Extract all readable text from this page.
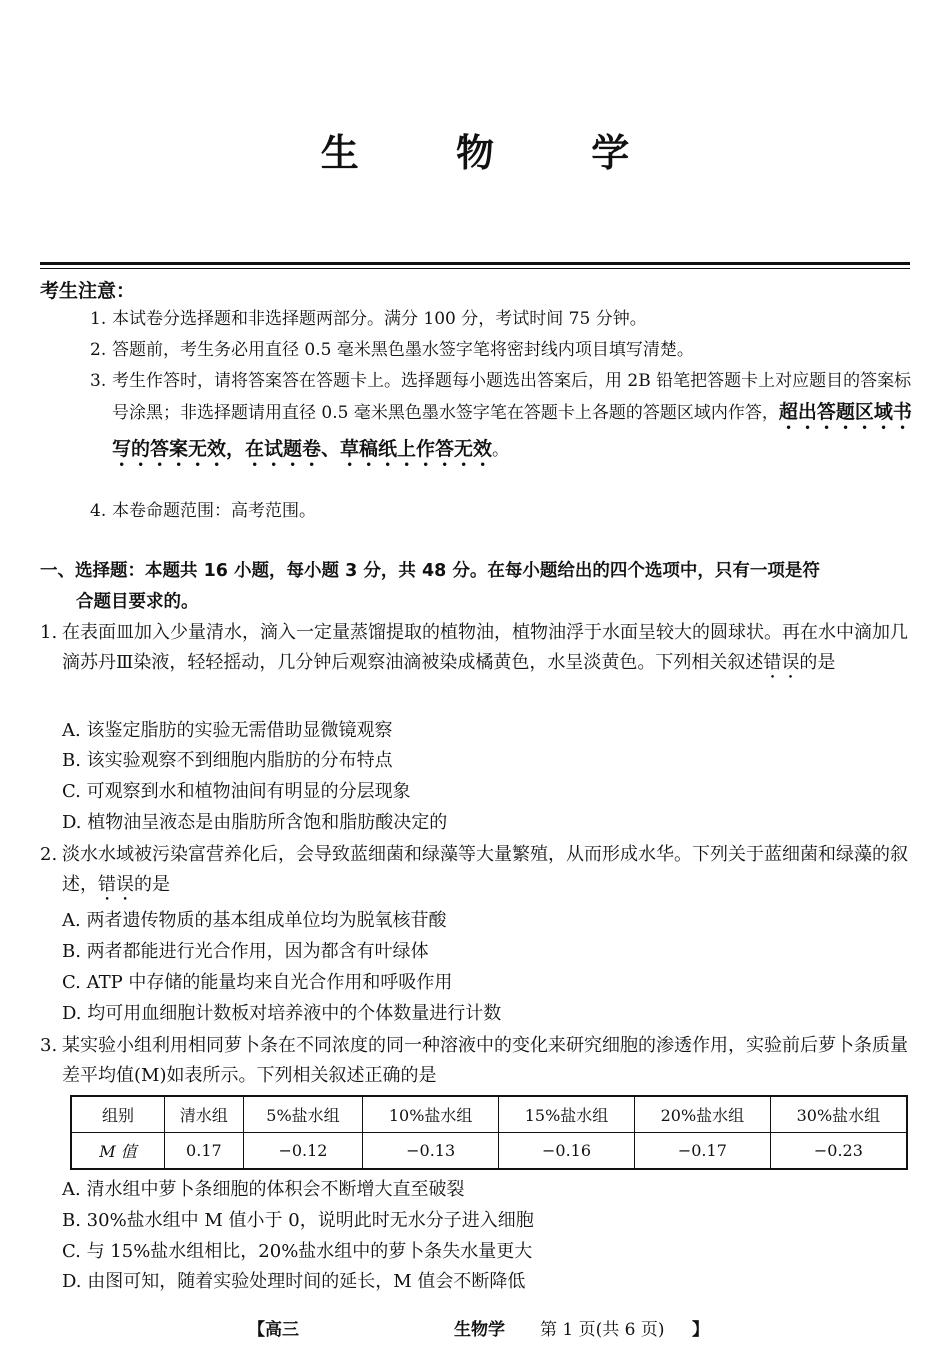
生 物 学
考生注意：
1. 本试卷分选择题和非选择题两部分。满分 100 分，考试时间 75 分钟。
2. 答题前，考生务必用直径 0.5 毫米黑色墨水签字笔将密封线内项目填写清楚。
3. 考生作答时，请将答案答在答题卡上。选择题每小题选出答案后，用 2B 铅笔把答题卡上对应题目的答案标号涂黑；非选择题请用直径 0.5 毫米黑色墨水签字笔在答题卡上各题的答题区域内作答，超出答题区域书写的答案无效，在试题卷、草稿纸上作答无效。
4. 本卷命题范围：高考范围。
一、选择题：本题共 16 小题，每小题 3 分，共 48 分。在每小题给出的四个选项中，只有一项是符
合题目要求的。
1. 在表面皿加入少量清水，滴入一定量蒸馏提取的植物油，植物油浮于水面呈较大的圆球状。再在水中滴加几滴苏丹Ⅲ染液，轻轻摇动，几分钟后观察油滴被染成橘黄色，水呈淡黄色。下列相关叙述错误的是
A. 该鉴定脂肪的实验无需借助显微镜观察
B. 该实验观察不到细胞内脂肪的分布特点
C. 可观察到水和植物油间有明显的分层现象
D. 植物油呈液态是由脂肪所含饱和脂肪酸决定的
2. 淡水水域被污染富营养化后，会导致蓝细菌和绿藻等大量繁殖，从而形成水华。下列关于蓝细菌和绿藻的叙述，错误的是
A. 两者遗传物质的基本组成单位均为脱氧核苷酸
B. 两者都能进行光合作用，因为都含有叶绿体
C. ATP 中存储的能量均来自光合作用和呼吸作用
D. 均可用血细胞计数板对培养液中的个体数量进行计数
3. 某实验小组利用相同萝卜条在不同浓度的同一种溶液中的变化来研究细胞的渗透作用，实验前后萝卜条质量差平均值(M)如表所示。下列相关叙述正确的是
组别	清水组	5%盐水组	10%盐水组	15%盐水组	20%盐水组	30%盐水组
M 值	0.17	−0.12	−0.13	−0.16	−0.17	−0.23
A. 清水组中萝卜条细胞的体积会不断增大直至破裂
B. 30%盐水组中 M 值小于 0，说明此时无水分子进入细胞
C. 与 15%盐水组相比，20%盐水组中的萝卜条失水量更大
D. 由图可知，随着实验处理时间的延长，M 值会不断降低
【高三	生物学 第 1 页(共 6 页) 】
